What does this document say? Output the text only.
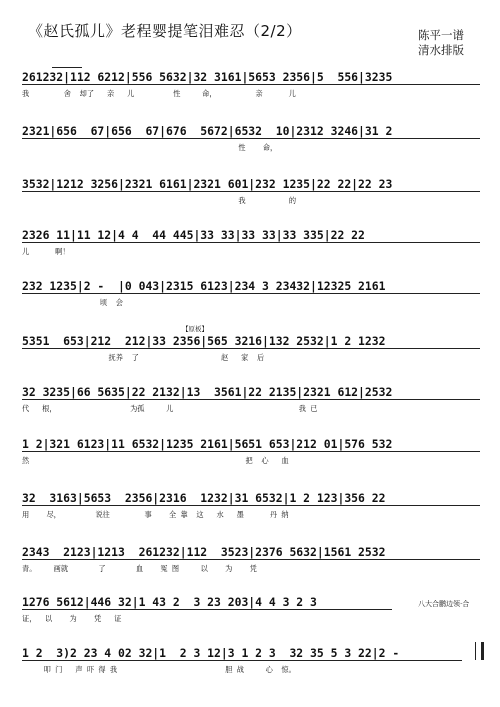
《赵氏孤儿》老程婴提笔泪难忍（2/2）	陈平一谱
清水排版
261232|112 6212|556 5632|32 3161|5653 2356|5  556|3235
我        舍  却了   亲   儿         性     命，         亲      儿
2321|656  67|656  67|676  5672|6532  10|2312 3246|31 2
性    命，
3532|1212 3256|2321 6161|2321 601|232 1235|22 22|22 23
我          的
2326 11|11 12|4 4  44 445|33 33|33 33|33 335|22 22
儿      啊！
232 1235|2 -  |0 043|2315 6123|234 3 23432|12325 2161
顷  会
【原板】
5351  653|212  212|33 2356|565 3216|132 2532|1 2 1232
抚养  了                   赵   家  后
32 3235|66 5635|22 2132|13  3561|22 2135|2321 612|2532
代   根，                 为孤     儿                             我 已
1 2|321 6123|11 6532|1235 2161|5651 653|212 01|576 532
然                                                  把  心   血
32  3163|5653  2356|2316  1232|31 6532|1 2 123|356 22
用    尽，        说往        事    全 靠  这   水   墨      丹 纳
2343  2123|1213  261232|112  3523|2376 5632|1561 2532
青。    画就       了       血    冤 图     以    为    凭
1276 5612|446 32|1 43 2  3 23 203|4 4 3 2 3
证，  以    为    凭   证
八大合鹏边领·合
1 2  3)2 23 4 02 32|1  2 3 12|3 1 2 3  32 35 5 3 22|2 -
叩 门   声 吓 得 我                         胆 战     心  惊。
